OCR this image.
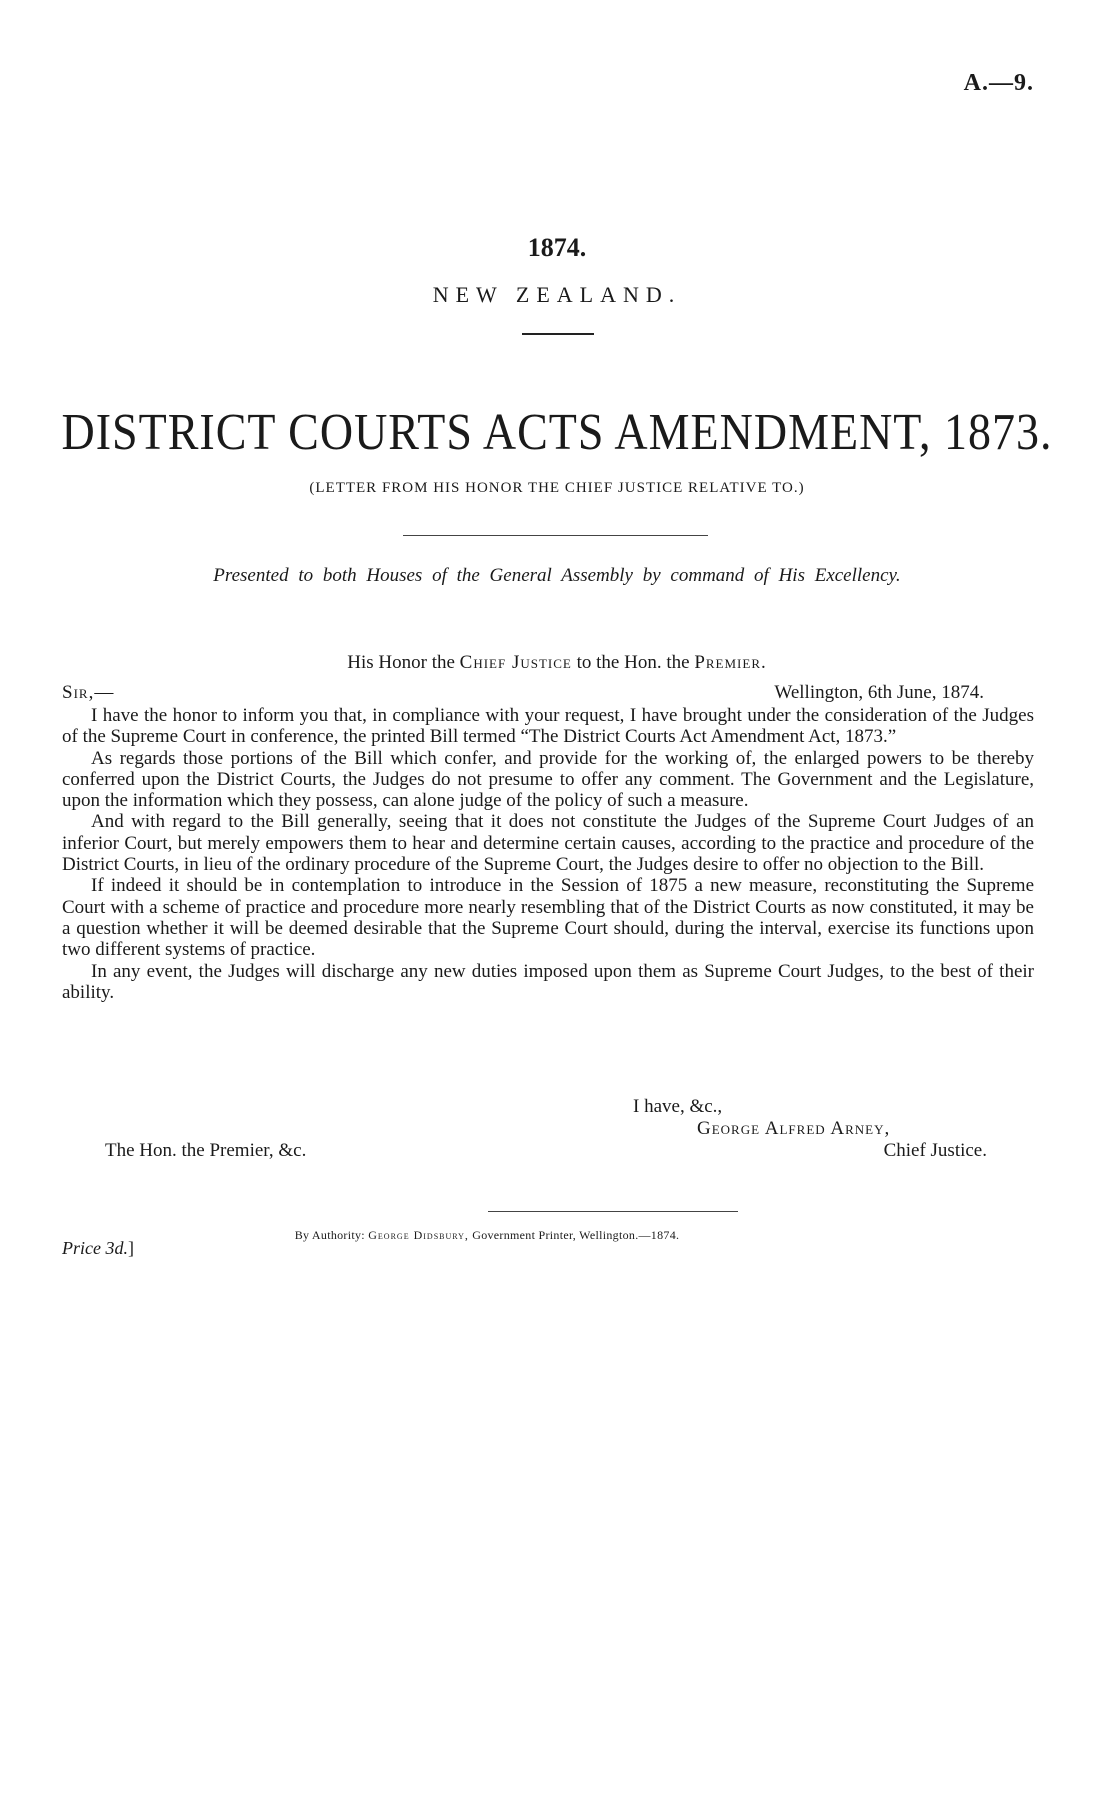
A.—9.
1874.
NEW ZEALAND.
DISTRICT COURTS ACTS AMENDMENT, 1873.
(LETTER FROM HIS HONOR THE CHIEF JUSTICE RELATIVE TO.)
Presented to both Houses of the General Assembly by command of His Excellency.
His Honor the Chief Justice to the Hon. the Premier.
Sir,—	Wellington, 6th June, 1874.

I have the honor to inform you that, in compliance with your request, I have brought under the consideration of the Judges of the Supreme Court in conference, the printed Bill termed “The District Courts Act Amendment Act, 1873.”

As regards those portions of the Bill which confer, and provide for the working of, the enlarged powers to be thereby conferred upon the District Courts, the Judges do not presume to offer any comment. The Government and the Legislature, upon the information which they possess, can alone judge of the policy of such a measure.

And with regard to the Bill generally, seeing that it does not constitute the Judges of the Supreme Court Judges of an inferior Court, but merely empowers them to hear and determine certain causes, according to the practice and procedure of the District Courts, in lieu of the ordinary procedure of the Supreme Court, the Judges desire to offer no objection to the Bill.

If indeed it should be in contemplation to introduce in the Session of 1875 a new measure, reconstituting the Supreme Court with a scheme of practice and procedure more nearly resembling that of the District Courts as now constituted, it may be a question whether it will be deemed desirable that the Supreme Court should, during the interval, exercise its functions upon two different systems of practice.

In any event, the Judges will discharge any new duties imposed upon them as Supreme Court Judges, to the best of their ability.

I have, &c.,
George Alfred Arney,
The Hon. the Premier, &c.	Chief Justice.
By Authority: George Didsbury, Government Printer, Wellington.—1874.
Price 3d.]
